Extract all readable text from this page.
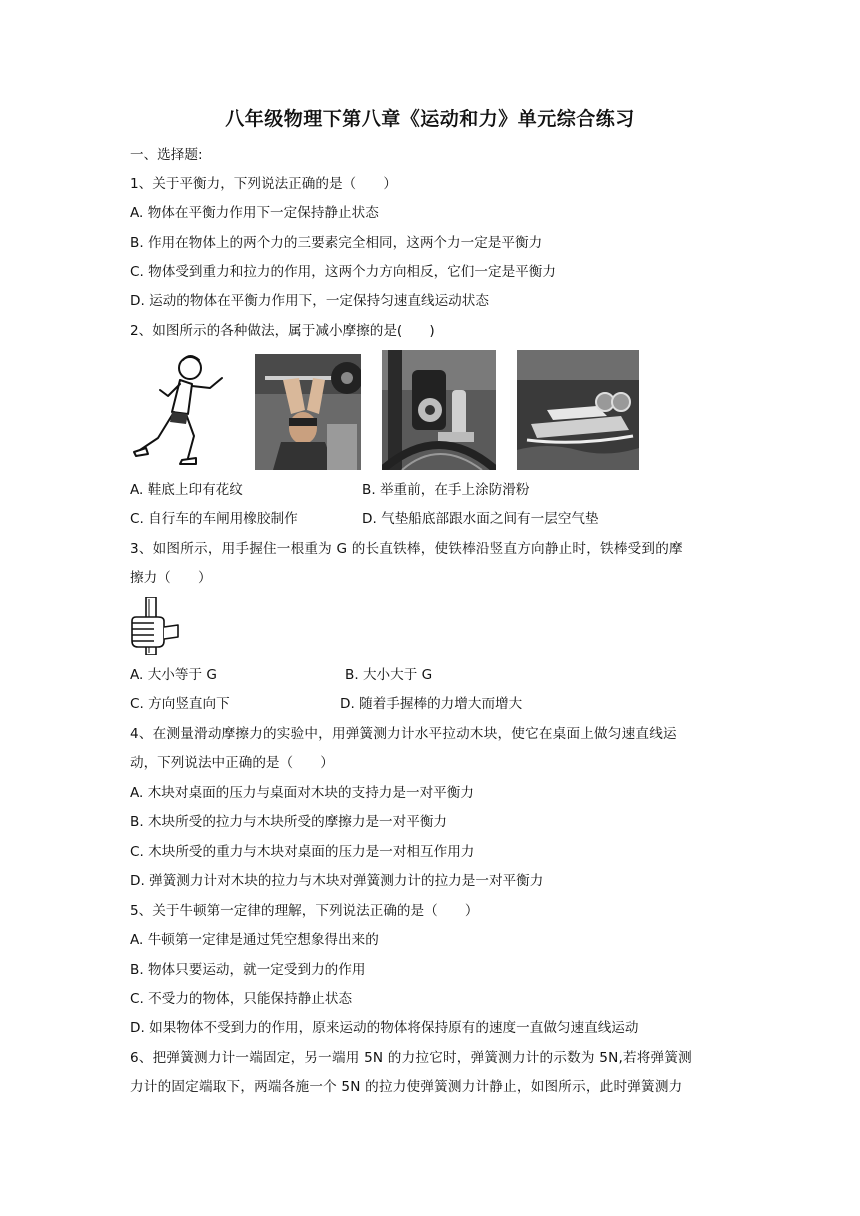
八年级物理下第八章《运动和力》单元综合练习
一、选择题:
1、关于平衡力，下列说法正确的是（　　）
A. 物体在平衡力作用下一定保持静止状态
B. 作用在物体上的两个力的三要素完全相同，这两个力一定是平衡力
C. 物体受到重力和拉力的作用，这两个力方向相反，它们一定是平衡力
D. 运动的物体在平衡力作用下，一定保持匀速直线运动状态
2、如图所示的各种做法，属于减小摩擦的是(　　)
A. 鞋底上印有花纹	B. 举重前，在手上涂防滑粉
C. 自行车的车闸用橡胶制作	D. 气垫船底部跟水面之间有一层空气垫
3、如图所示，用手握住一根重为 G 的长直铁棒，使铁棒沿竖直方向静止时，铁棒受到的摩
擦力（　　）
A. 大小等于 G	B. 大小大于 G
C. 方向竖直向下	D. 随着手握棒的力增大而增大
4、在测量滑动摩擦力的实验中，用弹簧测力计水平拉动木块，使它在桌面上做匀速直线运
动，下列说法中正确的是（　　）
A. 木块对桌面的压力与桌面对木块的支持力是一对平衡力
B. 木块所受的拉力与木块所受的摩擦力是一对平衡力
C. 木块所受的重力与木块对桌面的压力是一对相互作用力
D. 弹簧测力计对木块的拉力与木块对弹簧测力计的拉力是一对平衡力
5、关于牛顿第一定律的理解，下列说法正确的是（　　）
A. 牛顿第一定律是通过凭空想象得出来的
B. 物体只要运动，就一定受到力的作用
C. 不受力的物体，只能保持静止状态
D. 如果物体不受到力的作用，原来运动的物体将保持原有的速度一直做匀速直线运动
6、把弹簧测力计一端固定，另一端用 5N 的力拉它时，弹簧测力计的示数为 5N,若将弹簧测
力计的固定端取下，两端各施一个 5N 的拉力使弹簧测力计静止，如图所示，此时弹簧测力
